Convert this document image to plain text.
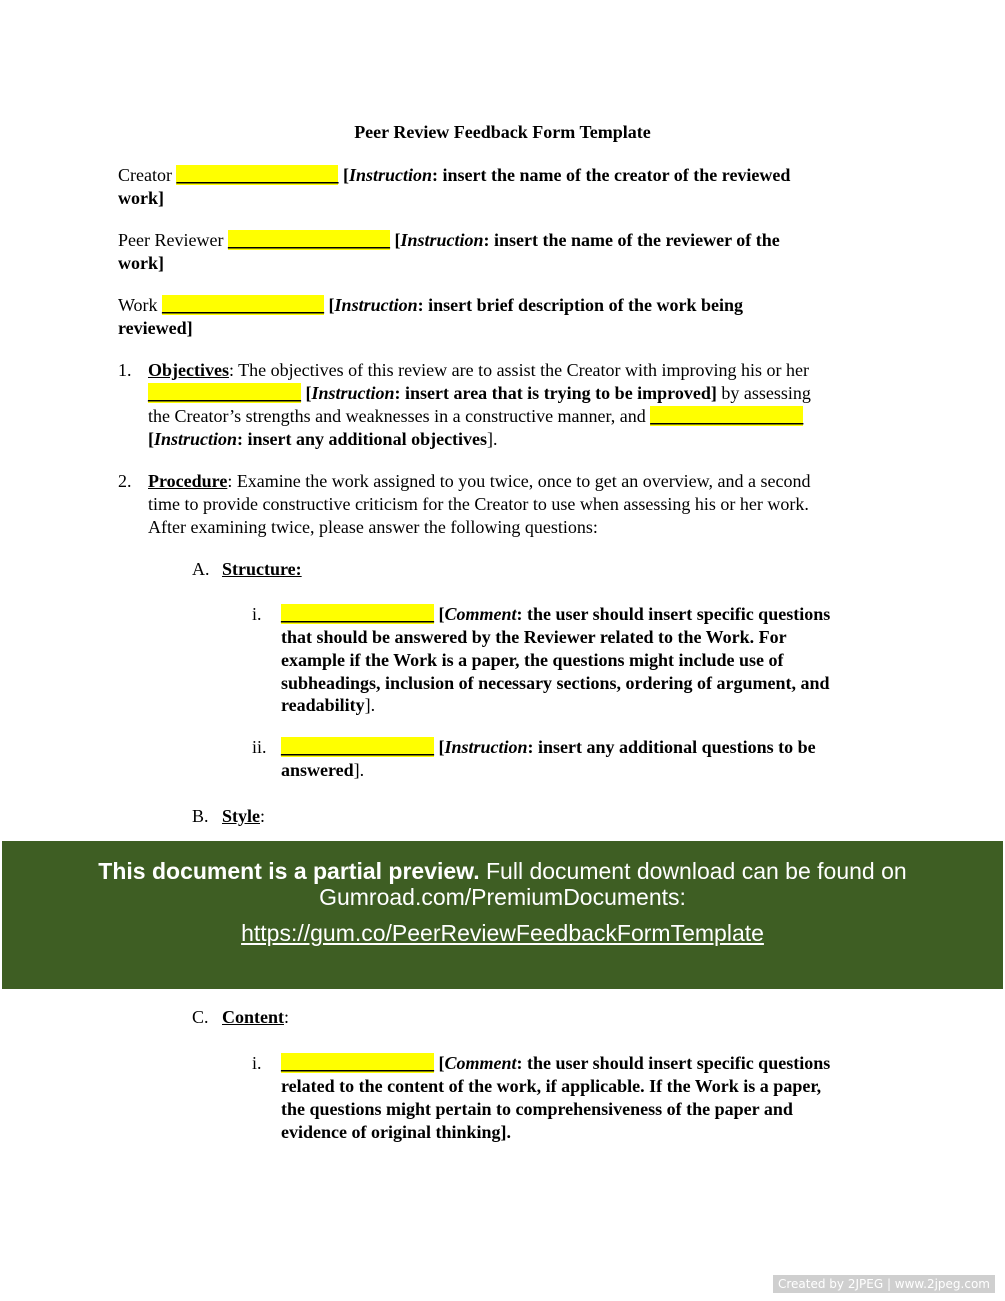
Peer Review Feedback Form Template
Creator __________________ [Instruction: insert the name of the creator of the reviewed
work]
Peer Reviewer __________________ [Instruction: insert the name of the reviewer of the
work]
Work __________________ [Instruction: insert brief description of the work being
reviewed]
1. Objectives: The objectives of this review are to assist the Creator with improving his or her
_________________ [Instruction: insert area that is trying to be improved] by assessing
the Creator’s strengths and weaknesses in a constructive manner, and _________________
[Instruction: insert any additional objectives].
2. Procedure: Examine the work assigned to you twice, once to get an overview, and a second
time to provide constructive criticism for the Creator to use when assessing his or her work.
After examining twice, please answer the following questions:
A. Structure:
i. _________________ [Comment: the user should insert specific questions
that should be answered by the Reviewer related to the Work. For
example if the Work is a paper, the questions might include use of
subheadings, inclusion of necessary sections, ordering of argument, and
readability].
ii. _________________ [Instruction: insert any additional questions to be
answered].
B. Style:
This document is a partial preview. Full document download can be found on
Gumroad.com/PremiumDocuments:
https://gum.co/PeerReviewFeedbackFormTemplate
C. Content:
i. _________________ [Comment: the user should insert specific questions
related to the content of the work, if applicable. If the Work is a paper,
the questions might pertain to comprehensiveness of the paper and
evidence of original thinking].
Created by 2JPEG | www.2jpeg.com
